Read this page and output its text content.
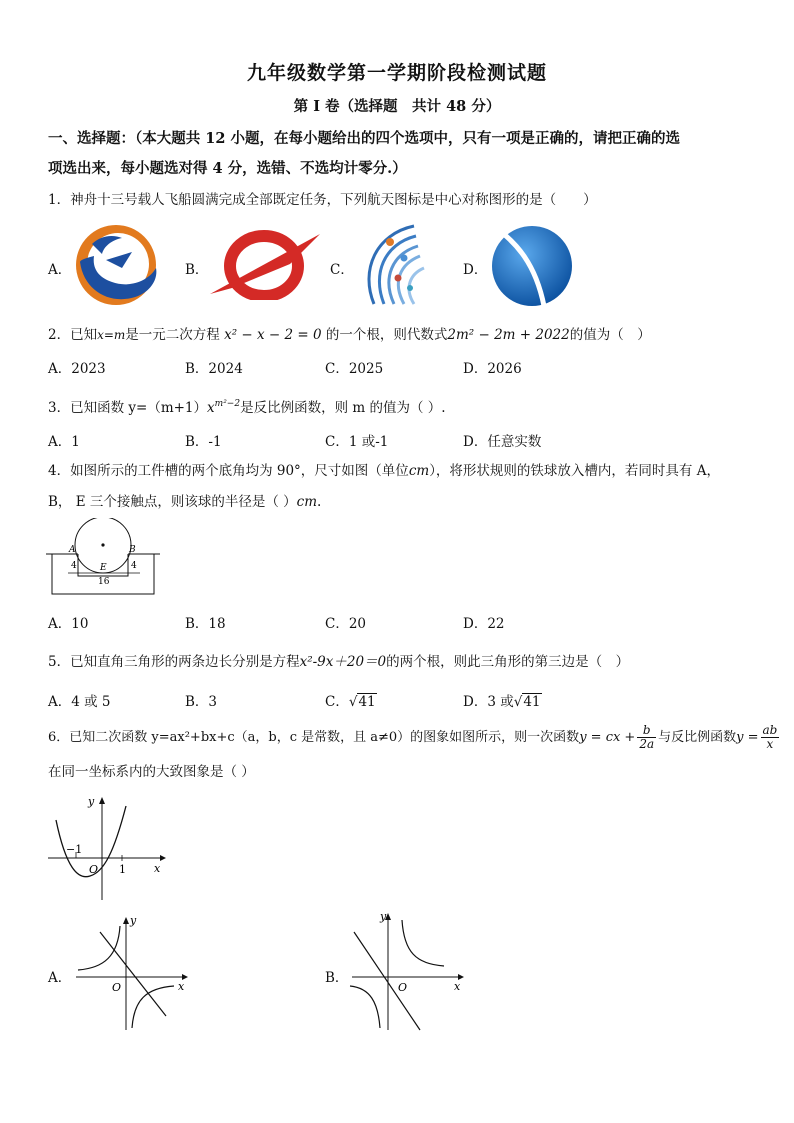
九年级数学第一学期阶段检测试题
第 I 卷（选择题　共计 48 分）
一、选择题：（本大题共 12 小题，在每小题给出的四个选项中，只有一项是正确的，请把正确的选
项选出来，每小题选对得 4 分，选错、不选均计零分.）
1．神舟十三号载人飞船圆满完成全部既定任务，下列航天图标是中心对称图形的是（　　）
A．	B．	C．	D．
2．已知x=m是一元二次方程 x² − x − 2 = 0 的一个根，则代数式2m² − 2m + 2022的值为（　）
A．2023	B．2024	C．2025	D．2026
3．已知函数 $y=(m+1)x^{m^2-2}$是反比例函数，则 m 的值为（ ）.
A．1	B．-1	C．1 或-1	D．任意实数
4．如图所示的工件槽的两个底角均为 90°，尺寸如图（单位cm），将形状规则的铁球放入槽内，若同时具有 A，
B， E 三个接触点，则该球的半径是（ ）cm.
A	B
E
4	4
16
A．10	B．18	C．20	D．22
5．已知直角三角形的两条边长分别是方程x²-9x＋20＝0的两个根，则此三角形的第三边是（　）
A．4 或 5	B．3	C．√41	D．3 或√41
6．已知二次函数 y=ax²+bx+c（a，b，c 是常数，且 a≠0）的图象如图所示，则一次函数y = cx + $\frac{b}{2a}$ 与反比例函数$y = \frac{ab}{x}$
在同一坐标系内的大致图象是（ ）
y
x
O
−1
1
A．
y
x
O
B．
y
x
O
